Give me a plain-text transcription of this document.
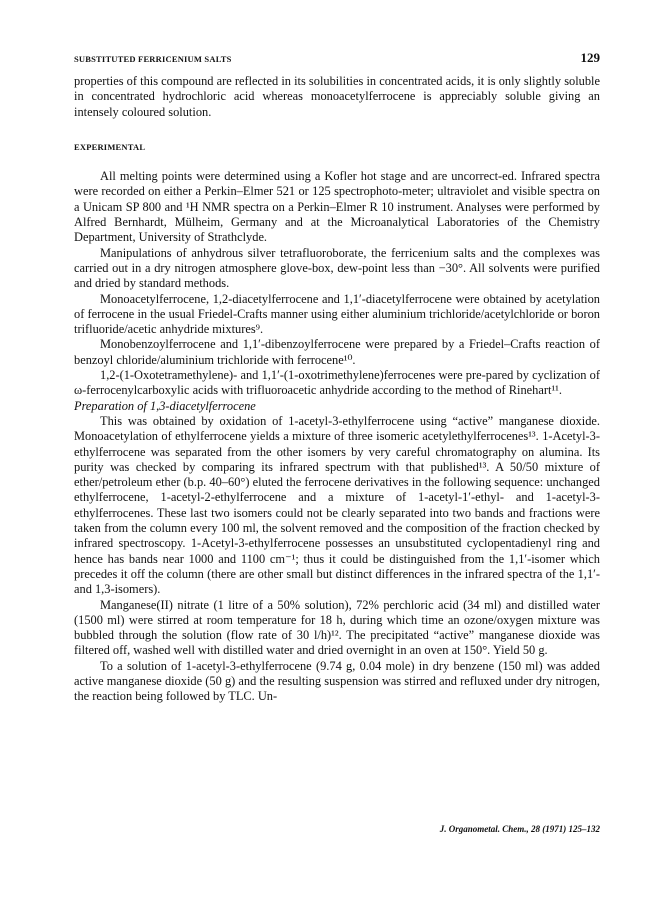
SUBSTITUTED FERRICENIUM SALTS	129

properties of this compound are reflected in its solubilities in concentrated acids, it is only slightly soluble in concentrated hydrochloric acid whereas monoacetylferrocene is appreciably soluble giving an intensely coloured solution.

EXPERIMENTAL

All melting points were determined using a Kofler hot stage and are uncorrect-ed. Infrared spectra were recorded on either a Perkin–Elmer 521 or 125 spectrophoto-meter; ultraviolet and visible spectra on a Unicam SP 800 and ¹H NMR spectra on a Perkin–Elmer R 10 instrument. Analyses were performed by Alfred Bernhardt, Mülheim, Germany and at the Microanalytical Laboratories of the Chemistry Department, University of Strathclyde.

Manipulations of anhydrous silver tetrafluoroborate, the ferricenium salts and the complexes was carried out in a dry nitrogen atmosphere glove-box, dew-point less than −30°. All solvents were purified and dried by standard methods.

Monoacetylferrocene, 1,2-diacetylferrocene and 1,1′-diacetylferrocene were obtained by acetylation of ferrocene in the usual Friedel-Crafts manner using either aluminium trichloride/acetylchloride or boron trifluoride/acetic anhydride mixtures⁹.

Monobenzoylferrocene and 1,1′-dibenzoylferrocene were prepared by a Friedel–Crafts reaction of benzoyl chloride/aluminium trichloride with ferrocene¹⁰.

1,2-(1-Oxotetramethylene)- and 1,1′-(1-oxotrimethylene)ferrocenes were pre-pared by cyclization of ω-ferrocenylcarboxylic acids with trifluoroacetic anhydride according to the method of Rinehart¹¹.

Preparation of 1,3-diacetylferrocene

This was obtained by oxidation of 1-acetyl-3-ethylferrocene using “active” manganese dioxide. Monoacetylation of ethylferrocene yields a mixture of three isomeric acetylethylferrocenes¹³. 1-Acetyl-3-ethylferrocene was separated from the other isomers by very careful chromatography on alumina. Its purity was checked by comparing its infrared spectrum with that published¹³. A 50/50 mixture of ether/petroleum ether (b.p. 40–60°) eluted the ferrocene derivatives in the following sequence: unchanged ethylferrocene, 1-acetyl-2-ethylferrocene and a mixture of 1-acetyl-1′-ethyl- and 1-acetyl-3-ethylferrocenes. These last two isomers could not be clearly separated into two bands and fractions were taken from the column every 100 ml, the solvent removed and the composition of the fraction checked by infrared spectroscopy. 1-Acetyl-3-ethylferrocene possesses an unsubstituted cyclopentadienyl ring and hence has bands near 1000 and 1100 cm⁻¹; thus it could be distinguished from the 1,1′-isomer which precedes it off the column (there are other small but distinct differences in the infrared spectra of the 1,1′- and 1,3-isomers).

Manganese(II) nitrate (1 litre of a 50% solution), 72% perchloric acid (34 ml) and distilled water (1500 ml) were stirred at room temperature for 18 h, during which time an ozone/oxygen mixture was bubbled through the solution (flow rate of 30 l/h)¹². The precipitated “active” manganese dioxide was filtered off, washed well with distilled water and dried overnight in an oven at 150°. Yield 50 g.

To a solution of 1-acetyl-3-ethylferrocene (9.74 g, 0.04 mole) in dry benzene (150 ml) was added active manganese dioxide (50 g) and the resulting suspension was stirred and refluxed under dry nitrogen, the reaction being followed by TLC. Un-

J. Organometal. Chem., 28 (1971) 125–132
